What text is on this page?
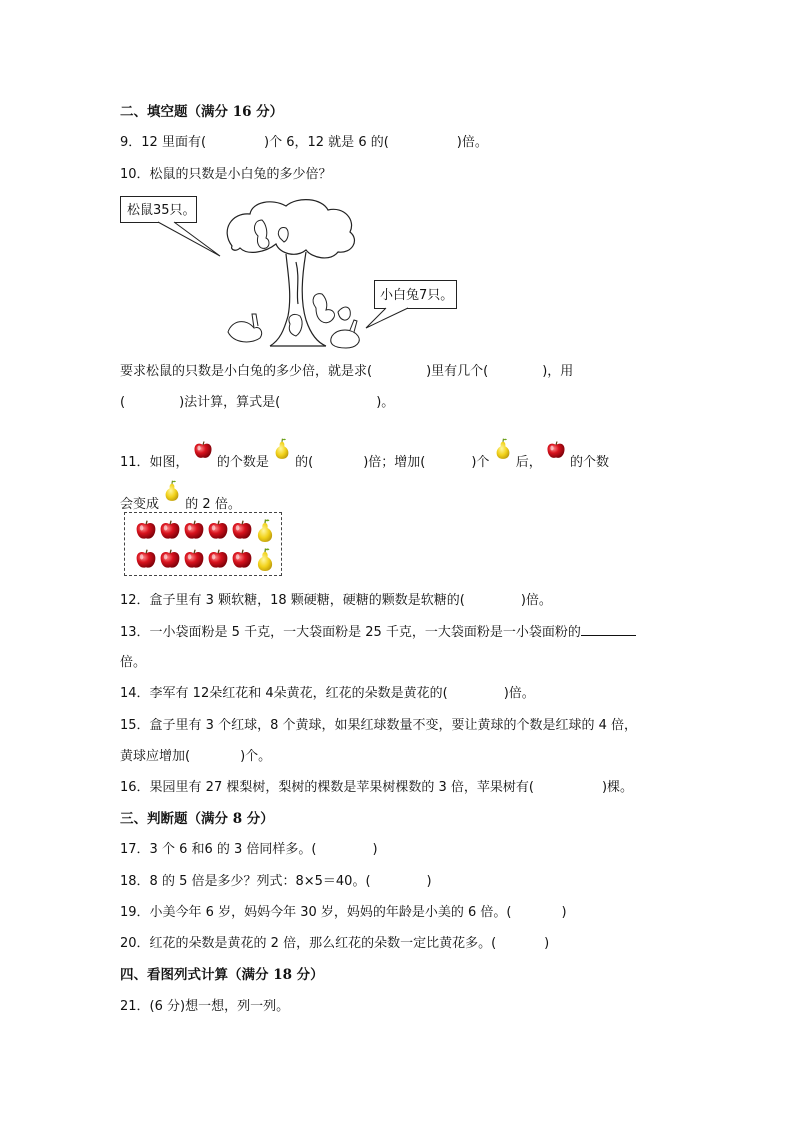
二、填空题（满分 16 分）
9．12 里面有(	)个 6，12 就是 6 的(	)倍。
10．松鼠的只数是小白兔的多少倍？
松鼠35只。
小白兔7只。
要求松鼠的只数是小白兔的多少倍，就是求(	)里有几个(	)，用
(	)法计算，算式是(	)。
11．如图， 的个数是 的(	)倍；增加(	)个 后， 的个数
会变成 的 2 倍。
12．盒子里有 3 颗软糖，18 颗硬糖，硬糖的颗数是软糖的(	)倍。
13．一小袋面粉是 5 千克，一大袋面粉是 25 千克，一大袋面粉是一小袋面粉的
倍。
14．李军有 12朵红花和 4朵黄花，红花的朵数是黄花的(	)倍。
15．盒子里有 3 个红球，8 个黄球，如果红球数量不变，要让黄球的个数是红球的 4 倍，
黄球应增加(	)个。
16．果园里有 27 棵梨树，梨树的棵数是苹果树棵数的 3 倍，苹果树有(	)棵。
三、判断题（满分 8 分）
17．3 个 6 和6 的 3 倍同样多。(	)
18．8 的 5 倍是多少？列式：8×5＝40。(	)
19．小美今年 6 岁，妈妈今年 30 岁，妈妈的年龄是小美的 6 倍。(	)
20．红花的朵数是黄花的 2 倍，那么红花的朵数一定比黄花多。(	)
四、看图列式计算（满分 18 分）
21．(6 分)想一想，列一列。
